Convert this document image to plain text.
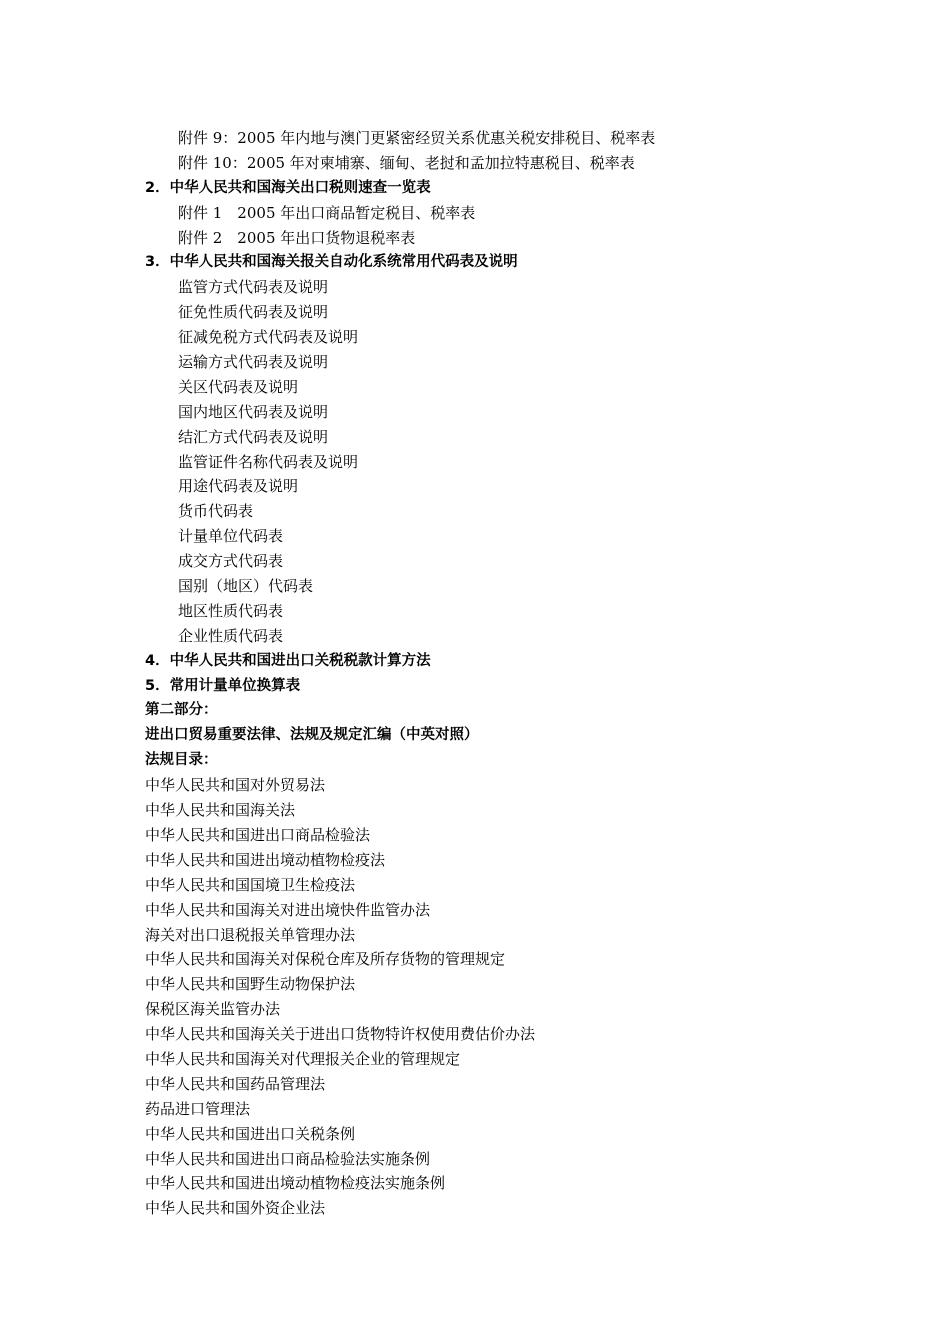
附件 9：2005 年内地与澳门更紧密经贸关系优惠关税安排税目、税率表
附件 10：2005 年对柬埔寨、缅甸、老挝和孟加拉特惠税目、税率表
2．中华人民共和国海关出口税则速查一览表
附件 1　2005 年出口商品暂定税目、税率表
附件 2　2005 年出口货物退税率表
3．中华人民共和国海关报关自动化系统常用代码表及说明
监管方式代码表及说明
征免性质代码表及说明
征减免税方式代码表及说明
运输方式代码表及说明
关区代码表及说明
国内地区代码表及说明
结汇方式代码表及说明
监管证件名称代码表及说明
用途代码表及说明
货币代码表
计量单位代码表
成交方式代码表
国别（地区）代码表
地区性质代码表
企业性质代码表
4．中华人民共和国进出口关税税款计算方法
5．常用计量单位换算表
第二部分：
进出口贸易重要法律、法规及规定汇编（中英对照）
法规目录：
中华人民共和国对外贸易法
中华人民共和国海关法
中华人民共和国进出口商品检验法
中华人民共和国进出境动植物检疫法
中华人民共和国国境卫生检疫法
中华人民共和国海关对进出境快件监管办法
海关对出口退税报关单管理办法
中华人民共和国海关对保税仓库及所存货物的管理规定
中华人民共和国野生动物保护法
保税区海关监管办法
中华人民共和国海关关于进出口货物特许权使用费估价办法
中华人民共和国海关对代理报关企业的管理规定
中华人民共和国药品管理法
药品进口管理法
中华人民共和国进出口关税条例
中华人民共和国进出口商品检验法实施条例
中华人民共和国进出境动植物检疫法实施条例
中华人民共和国外资企业法
